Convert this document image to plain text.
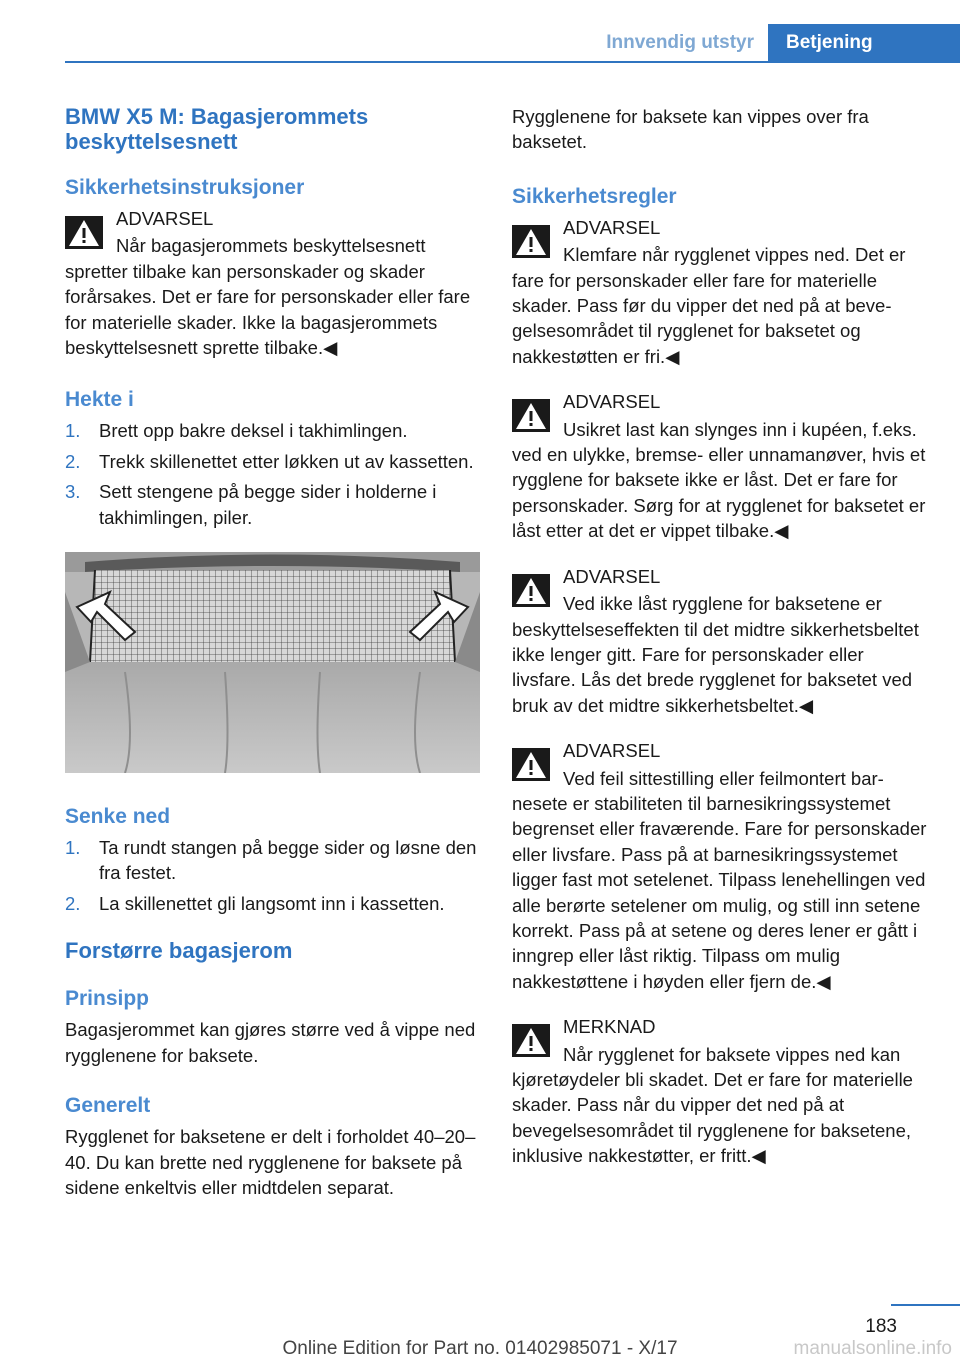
Innvendig utstyr	Betjening
BMW X5 M: Bagasjerommets beskyttelsesnett
Sikkerhetsinstruksjoner
ADVARSEL
Når bagasjerommets beskyttelsesnett spretter tilbake kan personskader og skader forårsakes. Det er fare for personskader eller fare for materielle skader. Ikke la bagasjerommets beskyttelsesnett sprette tilbake.◀
Hekte i
1. Brett opp bakre deksel i takhimlingen.
2. Trekk skillenettet etter løkken ut av kassetten.
3. Sett stengene på begge sider i holderne i takhimlingen, piler.
Senke ned
1. Ta rundt stangen på begge sider og løsne den fra festet.
2. La skillenettet gli langsomt inn i kassetten.
Forstørre bagasjerom
Prinsipp
Bagasjerommet kan gjøres større ved å vippe ned rygglenene for baksete.
Generelt
Rygglenet for baksetene er delt i forholdet 40–20–40. Du kan brette ned rygglenene for baksete på sidene enkeltvis eller midtdelen separat.
Rygglenene for baksete kan vippes over fra baksetet.
Sikkerhetsregler
ADVARSEL
Klemfare når rygglenet vippes ned. Det er fare for personskader eller fare for materielle skader. Pass før du vipper det ned på at bevegelsesområdet til rygglenet for baksetet og nakkestøtten er fri.◀
ADVARSEL
Usikret last kan slynges inn i kupéen, f.eks. ved en ulykke, bremse- eller unnamanøver, hvis et rygglene for baksete ikke er låst. Det er fare for personskader. Sørg for at rygglenet for baksetet er låst etter at det er vippet tilbake.◀
ADVARSEL
Ved ikke låst rygglene for baksetene er beskyttelseseffekten til det midtre sikkerhetsbeltet ikke lenger gitt. Fare for personskader eller livsfare. Lås det brede rygglenet for baksetet ved bruk av det midtre sikkerhetsbeltet.◀
ADVARSEL
Ved feil sittestilling eller feilmontert barnesete er stabiliteten til barnesikringssystemet begrenset eller fraværende. Fare for personskader eller livsfare. Pass på at barnesikringssystemet ligger fast mot setelenet. Tilpass lenehellingen ved alle berørte setelener om mulig, og still inn setene korrekt. Pass på at setene og deres lener er gått i inngrep eller låst riktig. Tilpass om mulig nakkestøttene i høyden eller fjern de.◀
MERKNAD
Når rygglenet for baksete vippes ned kan kjøretøydeler bli skadet. Det er fare for materielle skader. Pass når du vipper det ned på at bevegelsesområdet til rygglenene for baksetene, inklusive nakkestøtter, er fritt.◀
183
Online Edition for Part no. 01402985071 - X/17	manualsonline.info
